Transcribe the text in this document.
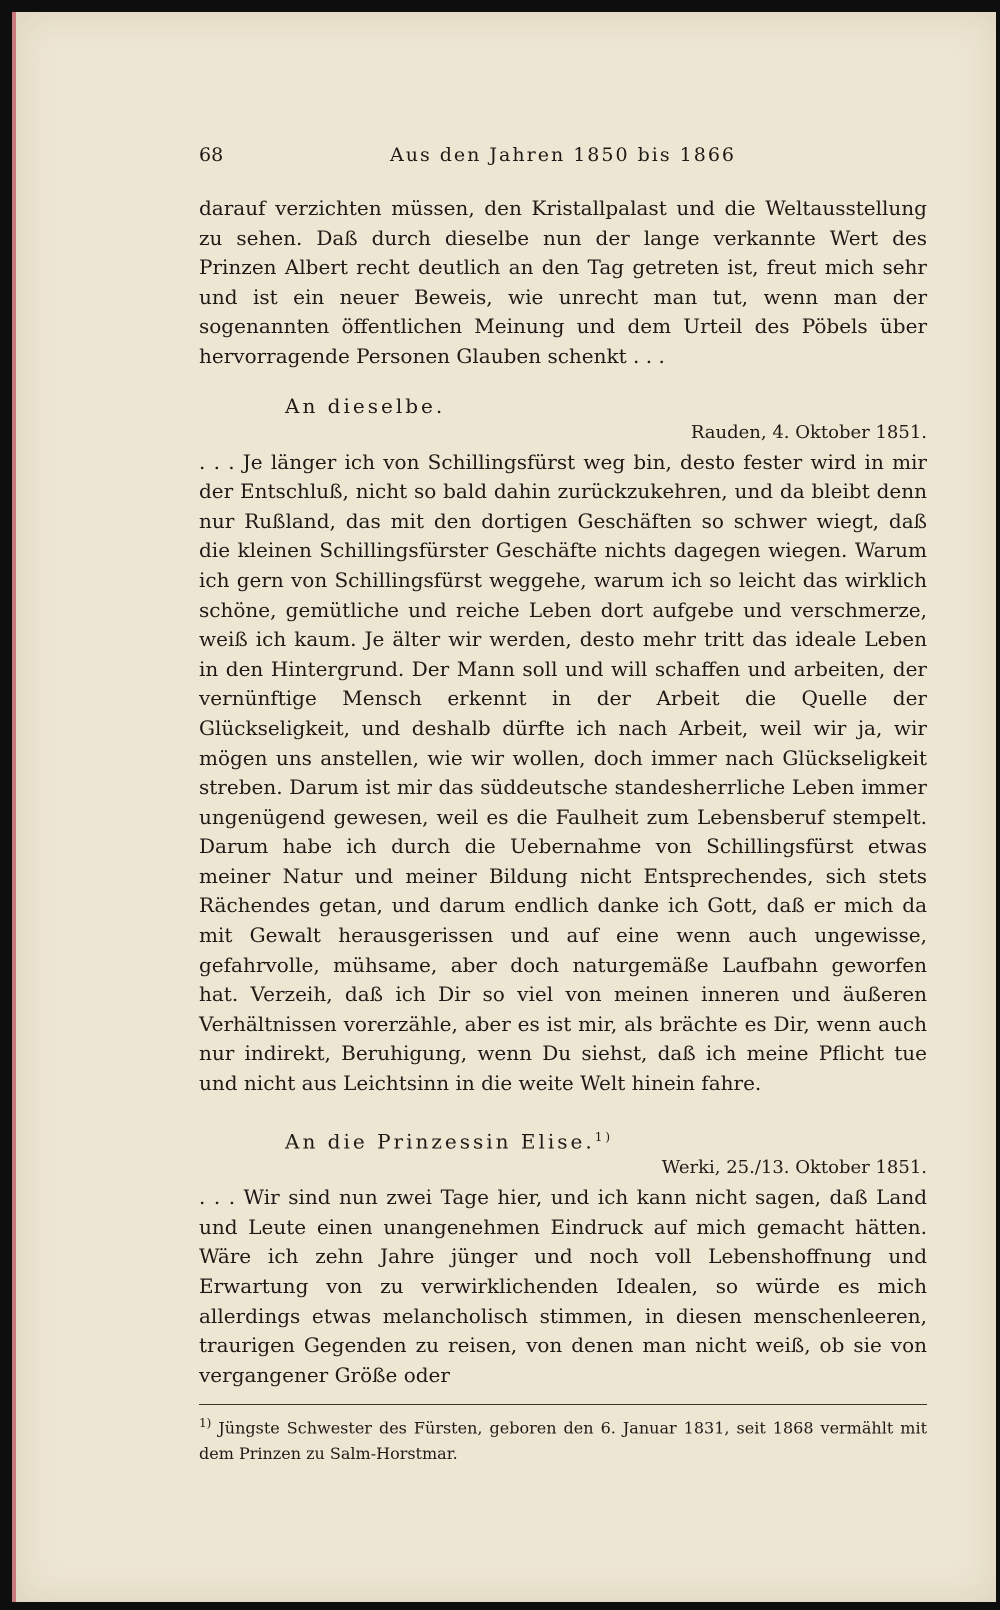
68	Aus den Jahren 1850 bis 1866

darauf verzichten müssen, den Kristallpalast und die Weltausstellung zu sehen. Daß durch dieselbe nun der lange verkannte Wert des Prinzen Albert recht deutlich an den Tag getreten ist, freut mich sehr und ist ein neuer Beweis, wie unrecht man tut, wenn man der sogenannten öffentlichen Meinung und dem Urteil des Pöbels über hervorragende Personen Glauben schenkt . . .

An dieselbe.
Rauden, 4. Oktober 1851.

. . . Je länger ich von Schillingsfürst weg bin, desto fester wird in mir der Entschluß, nicht so bald dahin zurückzukehren, und da bleibt denn nur Rußland, das mit den dortigen Geschäften so schwer wiegt, daß die kleinen Schillingsfürster Geschäfte nichts dagegen wiegen. Warum ich gern von Schillingsfürst weggehe, warum ich so leicht das wirklich schöne, gemütliche und reiche Leben dort aufgebe und verschmerze, weiß ich kaum. Je älter wir werden, desto mehr tritt das ideale Leben in den Hintergrund. Der Mann soll und will schaffen und arbeiten, der vernünftige Mensch erkennt in der Arbeit die Quelle der Glückseligkeit, und deshalb dürfte ich nach Arbeit, weil wir ja, wir mögen uns anstellen, wie wir wollen, doch immer nach Glückseligkeit streben. Darum ist mir das süddeutsche standesherrliche Leben immer ungenügend gewesen, weil es die Faulheit zum Lebensberuf stempelt. Darum habe ich durch die Uebernahme von Schillingsfürst etwas meiner Natur und meiner Bildung nicht Entsprechendes, sich stets Rächendes getan, und darum endlich danke ich Gott, daß er mich da mit Gewalt herausgerissen und auf eine wenn auch ungewisse, gefahrvolle, mühsame, aber doch naturgemäße Laufbahn geworfen hat. Verzeih, daß ich Dir so viel von meinen inneren und äußeren Verhältnissen vorerzähle, aber es ist mir, als brächte es Dir, wenn auch nur indirekt, Beruhigung, wenn Du siehst, daß ich meine Pflicht tue und nicht aus Leichtsinn in die weite Welt hinein fahre.

An die Prinzessin Elise.$^{1)}$
Werki, 25./13. Oktober 1851.

. . . Wir sind nun zwei Tage hier, und ich kann nicht sagen, daß Land und Leute einen unangenehmen Eindruck auf mich gemacht hätten. Wäre ich zehn Jahre jünger und noch voll Lebenshoffnung und Erwartung von zu verwirklichenden Idealen, so würde es mich allerdings etwas melancholisch stimmen, in diesen menschenleeren, traurigen Gegenden zu reisen, von denen man nicht weiß, ob sie von vergangener Größe oder

$^{1)}$ Jüngste Schwester des Fürsten, geboren den 6. Januar 1831, seit 1868 vermählt mit dem Prinzen zu Salm-Horstmar.
